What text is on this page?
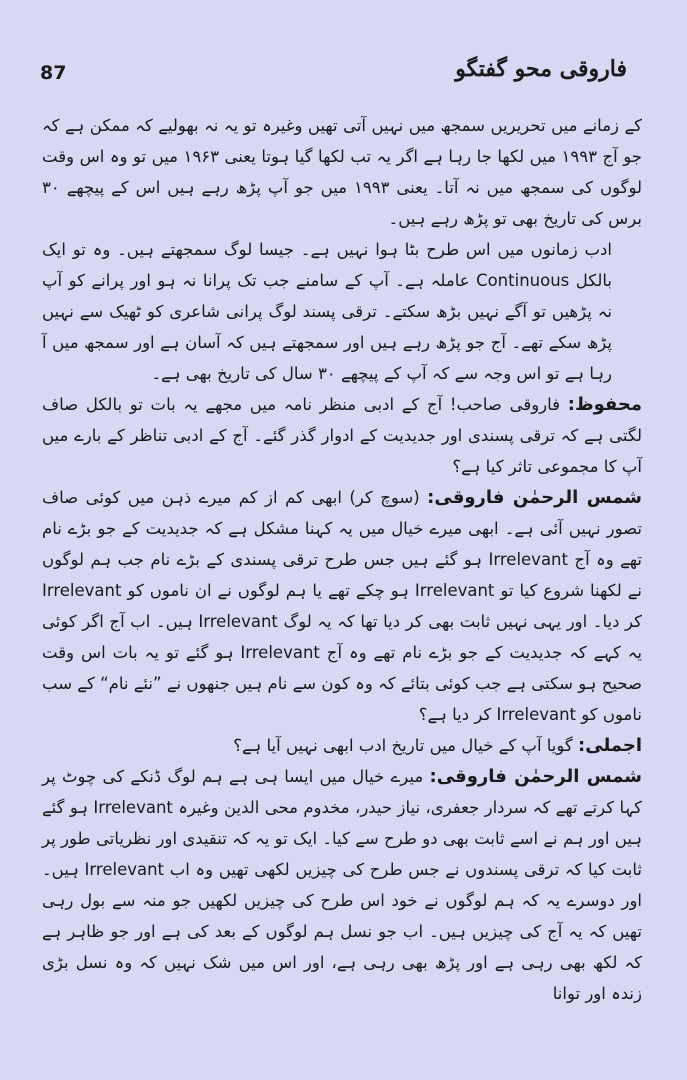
87	فاروقی محو گفتگو

کے زمانے میں تحریریں سمجھ میں نہیں آتی تھیں وغیرہ تو یہ نہ بھولیے کہ ممکن ہے کہ جو آج ۱۹۹۳ میں لکھا جا رہا ہے اگر یہ تب لکھا گیا ہوتا یعنی ۱۹۶۳ میں تو وہ اس وقت لوگوں کی سمجھ میں نہ آتا۔ یعنی ۱۹۹۳ میں جو آپ پڑھ رہے ہیں اس کے پیچھے ۳۰ برس کی تاریخ بھی تو پڑھ رہے ہیں۔

ادب زمانوں میں اس طرح بٹا ہوا نہیں ہے۔ جیسا لوگ سمجھتے ہیں۔ وہ تو ایک بالکل Continuous عاملہ ہے۔ آپ کے سامنے جب تک پرانا نہ ہو اور پرانے کو آپ نہ پڑھیں تو آگے نہیں بڑھ سکتے۔ ترقی پسند لوگ پرانی شاعری کو ٹھیک سے نہیں پڑھ سکے تھے۔ آج جو پڑھ رہے ہیں اور سمجھتے ہیں کہ آسان ہے اور سمجھ میں آ رہا ہے تو اس وجہ سے کہ آپ کے پیچھے ۳۰ سال کی تاریخ بھی ہے۔

محفوظ: فاروقی صاحب! آج کے ادبی منظر نامہ میں مجھے یہ بات تو بالکل صاف لگتی ہے کہ ترقی پسندی اور جدیدیت کے ادوار گذر گئے۔ آج کے ادبی تناظر کے بارے میں آپ کا مجموعی تاثر کیا ہے؟

شمس الرحمٰن فاروقی: (سوچ کر) ابھی کم از کم میرے ذہن میں کوئی صاف تصور نہیں آئی ہے۔ ابھی میرے خیال میں یہ کہنا مشکل ہے کہ جدیدیت کے جو بڑے نام تھے وہ آج Irrelevant ہو گئے ہیں جس طرح ترقی پسندی کے بڑے نام جب ہم لوگوں نے لکھنا شروع کیا تو Irrelevant ہو چکے تھے یا ہم لوگوں نے ان ناموں کو Irrelevant کر دیا۔ اور یہی نہیں ثابت بھی کر دیا تھا کہ یہ لوگ Irrelevant ہیں۔ اب آج اگر کوئی یہ کہے کہ جدیدیت کے جو بڑے نام تھے وہ آج Irrelevant ہو گئے تو یہ بات اس وقت صحیح ہو سکتی ہے جب کوئی بتائے کہ وہ کون سے نام ہیں جنھوں نے ”نئے نام“ کے سب ناموں کو Irrelevant کر دیا ہے؟

اجملی: گویا آپ کے خیال میں تاریخ ادب ابھی نہیں آیا ہے؟

شمس الرحمٰن فاروقی: میرے خیال میں ایسا ہی ہے ہم لوگ ڈنکے کی چوٹ پر کہا کرتے تھے کہ سردار جعفری، نیاز حیدر، مخدوم محی الدین وغیرہ Irrelevant ہو گئے ہیں اور ہم نے اسے ثابت بھی دو طرح سے کیا۔ ایک تو یہ کہ تنقیدی اور نظریاتی طور پر ثابت کیا کہ ترقی پسندوں نے جس طرح کی چیزیں لکھی تھیں وہ اب Irrelevant ہیں۔ اور دوسرے یہ کہ ہم لوگوں نے خود اس طرح کی چیزیں لکھیں جو منہ سے بول رہی تھیں کہ یہ آج کی چیزیں ہیں۔ اب جو نسل ہم لوگوں کے بعد کی ہے اور جو ظاہر ہے کہ لکھ بھی رہی ہے اور پڑھ بھی رہی ہے، اور اس میں شک نہیں کہ وہ نسل بڑی زندہ اور توانا
